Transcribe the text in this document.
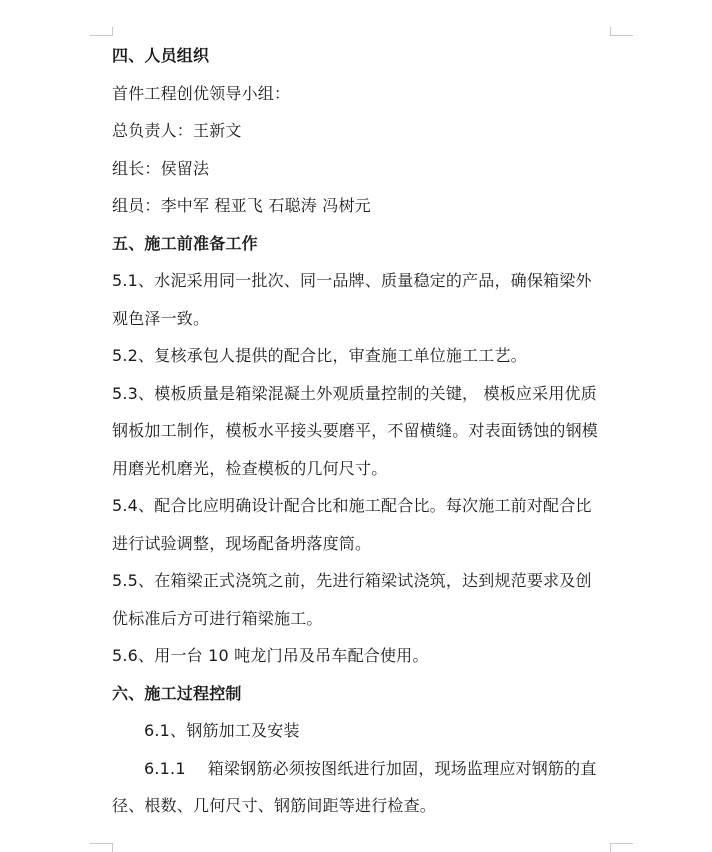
四、人员组织
首件工程创优领导小组：
总负责人：王新文
组长：侯留法
组员：李中军 程亚飞 石聪涛 冯树元
五、施工前准备工作
5.1、水泥采用同一批次、同一品牌、质量稳定的产品，确保箱梁外
观色泽一致。
5.2、复核承包人提供的配合比，审查施工单位施工工艺。
5.3、模板质量是箱梁混凝土外观质量控制的关键， 模板应采用优质
钢板加工制作，模板水平接头要磨平，不留横缝。对表面锈蚀的钢模
用磨光机磨光，检查模板的几何尺寸。
5.4、配合比应明确设计配合比和施工配合比。每次施工前对配合比
进行试验调整，现场配备坍落度筒。
5.5、在箱梁正式浇筑之前，先进行箱梁试浇筑，达到规范要求及创
优标准后方可进行箱梁施工。
5.6、用一台 10 吨龙门吊及吊车配合使用。
六、施工过程控制
6.1、钢筋加工及安装
6.1.1 箱梁钢筋必须按图纸进行加固，现场监理应对钢筋的直
径、根数、几何尺寸、钢筋间距等进行检查。
